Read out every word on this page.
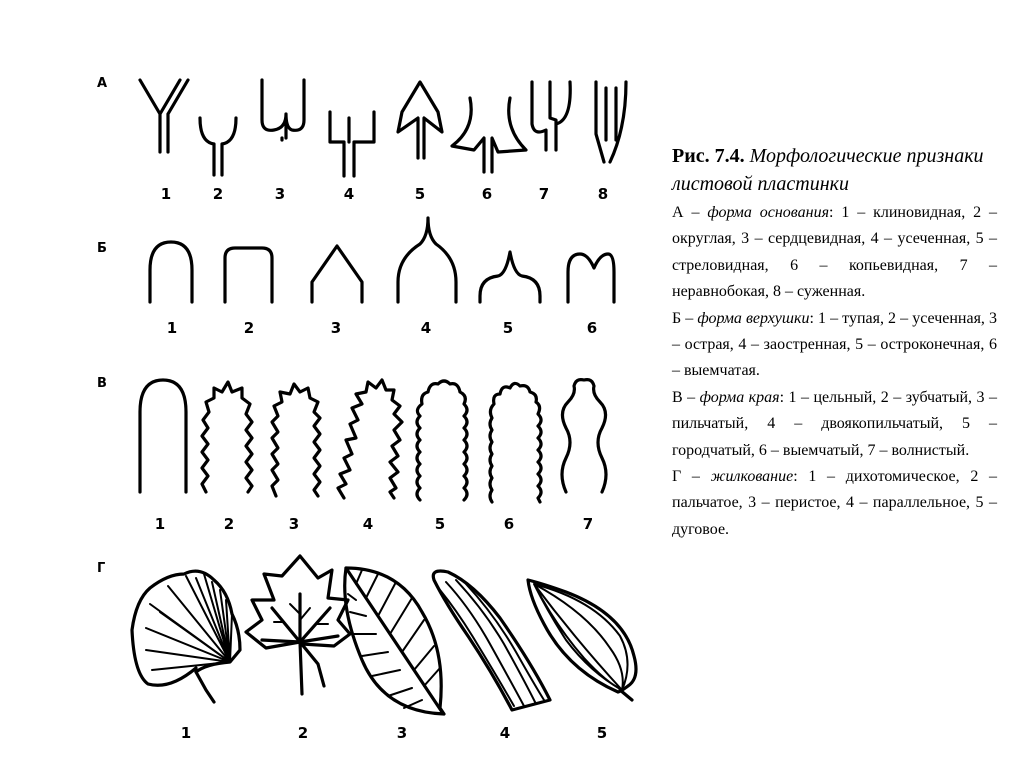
А
Б
В
Г
1	2	3	4	5	6	7	8
1	2	3	4	5	6
1	2	3	4	5	6	7
1	2	3	4	5
Рис. 7.4. Морфологические признаки листовой пластинки

А – форма основания: 1 – клиновидная, 2 – округлая, 3 – сердцевидная, 4 – усеченная, 5 – стреловидная, 6 – копьевидная, 7 – неравнобокая, 8 – суженная.

Б – форма верхушки: 1 – тупая, 2 – усеченная, 3 – острая, 4 – заостренная, 5 – остроконечная, 6 – выемчатая.

В – форма края: 1 – цельный, 2 – зубчатый, 3 – пильчатый, 4 – двоякопильчатый, 5 – городчатый, 6 – выемчатый, 7 – волнистый.

Г – жилкование: 1 – дихотомическое, 2 – пальчатое, 3 – перистое, 4 – параллельное, 5 – дуговое.
